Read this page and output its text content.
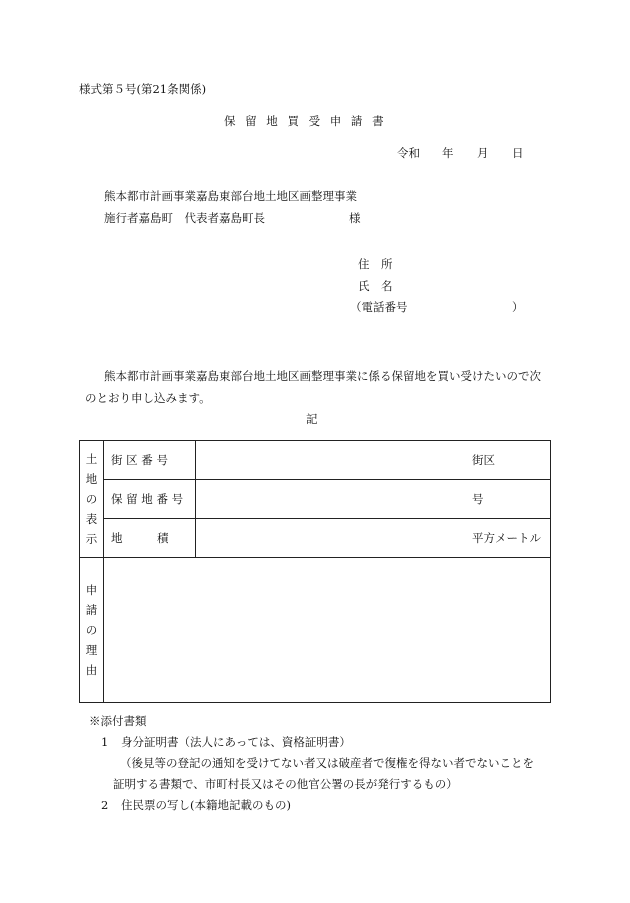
様式第５号(第21条関係)
保 留 地 買 受 申 請 書
令和 年 月 日
熊本都市計画事業嘉島東部台地土地区画整理事業
施行者嘉島町　代表者嘉島町長	様
住　所
氏　名
（電話番号	）
熊本都市計画事業嘉島東部台地土地区画整理事業に係る保留地を買い受けたいので次
のとおり申し込みます。
記
土
地
の
表
示	街 区 番 号	街区

	保 留 地 番 号	号

	地　　　積	平方メートル

申
請
の
理
由		

※添付書類
1 身分証明書（法人にあっては、資格証明書）
（後見等の登記の通知を受けてない者又は破産者で復権を得ない者でないことを
証明する書類で、市町村長又はその他官公署の長が発行するもの）
2 住民票の写し(本籍地記載のもの)
